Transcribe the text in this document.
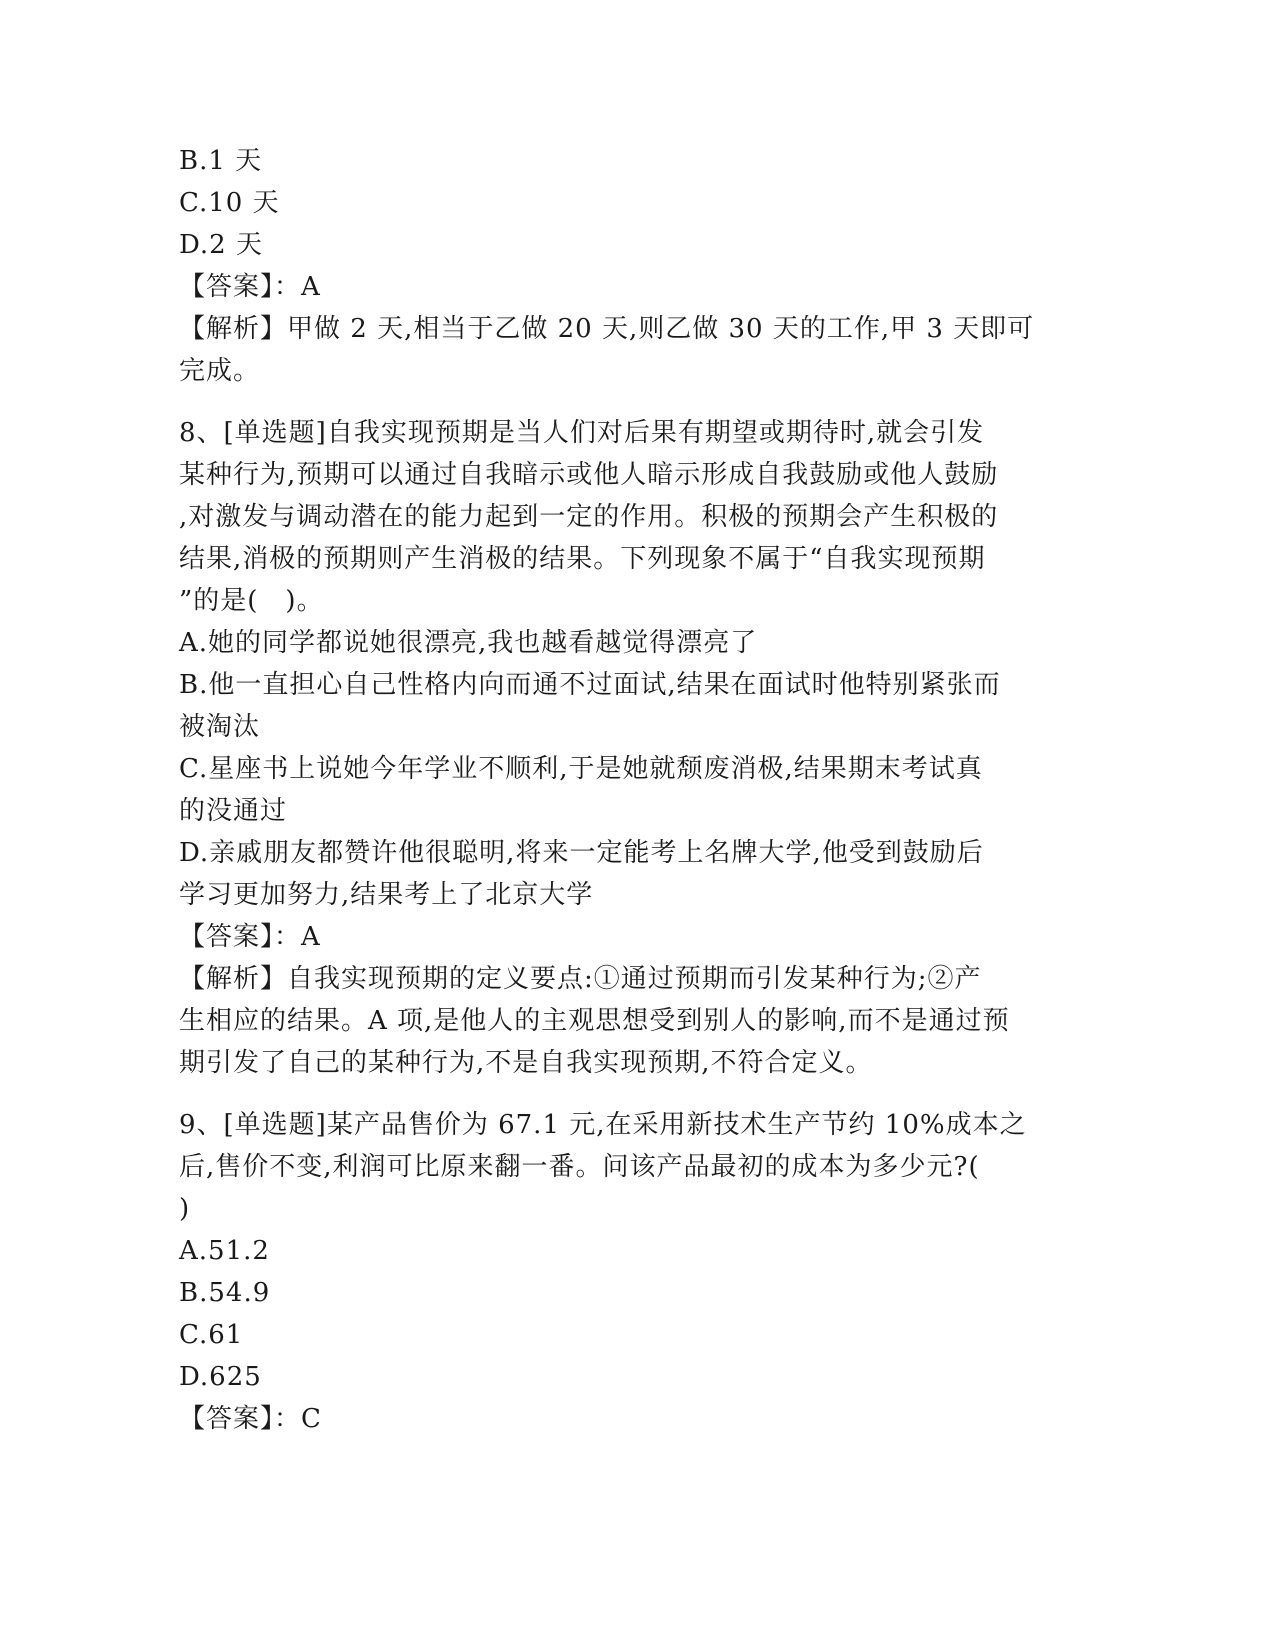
B.1 天
C.10 天
D.2 天
【答案】：A
【解析】甲做 2 天,相当于乙做 20 天,则乙做 30 天的工作,甲 3 天即可
完成。
8、[单选题]自我实现预期是当人们对后果有期望或期待时,就会引发
某种行为,预期可以通过自我暗示或他人暗示形成自我鼓励或他人鼓励
,对激发与调动潜在的能力起到一定的作用。积极的预期会产生积极的
结果,消极的预期则产生消极的结果。下列现象不属于“自我实现预期
”的是(　)。
A.她的同学都说她很漂亮,我也越看越觉得漂亮了
B.他一直担心自己性格内向而通不过面试,结果在面试时他特别紧张而
被淘汰
C.星座书上说她今年学业不顺利,于是她就颓废消极,结果期末考试真
的没通过
D.亲戚朋友都赞许他很聪明,将来一定能考上名牌大学,他受到鼓励后
学习更加努力,结果考上了北京大学
【答案】：A
【解析】自我实现预期的定义要点:①通过预期而引发某种行为;②产
生相应的结果。A 项,是他人的主观思想受到别人的影响,而不是通过预
期引发了自己的某种行为,不是自我实现预期,不符合定义。
9、[单选题]某产品售价为 67.1 元,在采用新技术生产节约 10%成本之
后,售价不变,利润可比原来翻一番。问该产品最初的成本为多少元?(
)
A.51.2
B.54.9
C.61
D.625
【答案】：C
